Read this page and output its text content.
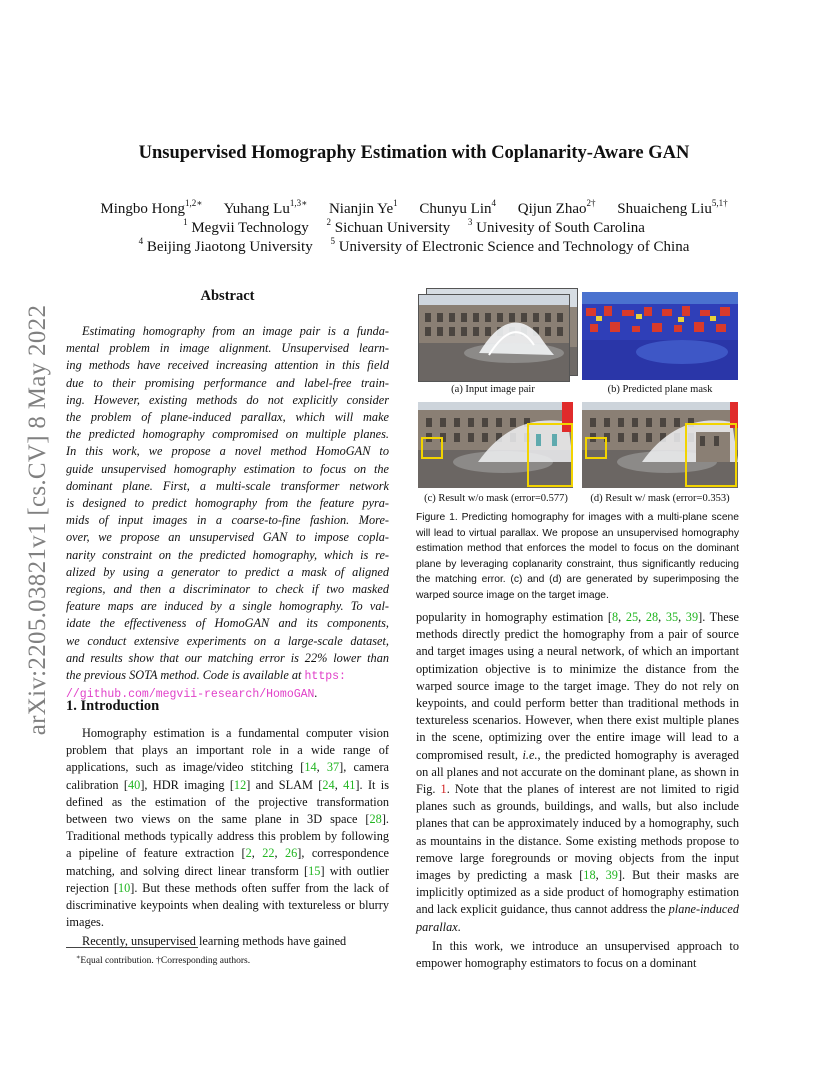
Unsupervised Homography Estimation with Coplanarity-Aware GAN
Mingbo Hong$^{1,2∗}$ Yuhang $Lu^{1,3∗}$ Nianjin Ye$^1$ Chunyu Lin$^4$ Qijun Zhao$^{2\dagger}$ Shuaicheng Liu$^{5,1\dagger}$
$^1$ Megvii Technology $^2$ Sichuan University $^3$ Univesity of South Carolina
$^4$ Beijing Jiaotong University $^5$ University of Electronic Science and Technology of China
arXiv:2205.03821v1 [cs.CV] 8 May 2022
Abstract
Estimating homography from an image pair is a funda-
mental problem in image alignment. Unsupervised learn-
ing methods have received increasing attention in this field
due to their promising performance and label-free train-
ing. However, existing methods do not explicitly consider
the problem of plane-induced parallax, which will make
the predicted homography compromised on multiple planes.
In this work, we propose a novel method HomoGAN to
guide unsupervised homography estimation to focus on the
dominant plane. First, a multi-scale transformer network
is designed to predict homography from the feature pyra-
mids of input images in a coarse-to-fine fashion. More-
over, we propose an unsupervised GAN to impose copla-
narity constraint on the predicted homography, which is re-
alized by using a generator to predict a mask of aligned
regions, and then a discriminator to check if two masked
feature maps are induced by a single homography. To val-
idate the effectiveness of HomoGAN and its components,
we conduct extensive experiments on a large-scale dataset,
and results show that our matching error is 22% lower than
the previous SOTA method. Code is available at https:
//github.com/megvii-research/HomoGAN.
1. Introduction

Homography estimation is a fundamental computer vision problem that plays an important role in a wide range of applications, such as image/video stitching [14, 37], camera calibration [40], HDR imaging [12] and SLAM [24, 41]. It is defined as the estimation of the projective transformation between two views on the same plane in 3D space [28]. Traditional methods typically address this problem by following a pipeline of feature extraction [2, 22, 26], correspondence matching, and solving direct linear transform [15] with outlier rejection [10]. But these methods often suffer from the lack of discriminative keypoints when dealing with textureless or blurry images.

Recently, unsupervised learning methods have gained

∗Equal contribution. †Corresponding authors.
(a) Input image pair	(b) Predicted plane mask
(c) Result w/o mask (error=0.577)	(d) Result w/ mask (error=0.353)
Figure 1. Predicting homography for images with a multi-plane scene will lead to virtual parallax. We propose an unsupervised homography estimation method that enforces the model to focus on the dominant plane by leveraging coplanarity constraint, thus significantly reducing the matching error. (c) and (d) are generated by superimposing the warped source image on the target image.

popularity in homography estimation [8, 25, 28, 35, 39]. These methods directly predict the homography from a pair of source and target images using a neural network, of which an important optimization objective is to minimize the distance from the warped source image to the target image. They do not rely on keypoints, and could perform better than traditional methods in textureless scenarios. However, when there exist multiple planes in the scene, optimizing over the entire image will lead to a compromised result, i.e., the predicted homography is averaged on all planes and not accurate on the dominant plane, as shown in Fig. 1. Note that the planes of interest are not limited to rigid planes such as grounds, buildings, and walls, but also include planes that can be approximately induced by a homography, such as mountains in the distance. Some existing methods propose to remove large foregrounds or moving objects from the input images by predicting a mask [18, 39]. But their masks are implicitly optimized as a side product of homography estimation and lack explicit guidance, thus cannot address the plane-induced parallax.

In this work, we introduce an unsupervised approach to empower homography estimators to focus on a dominant
